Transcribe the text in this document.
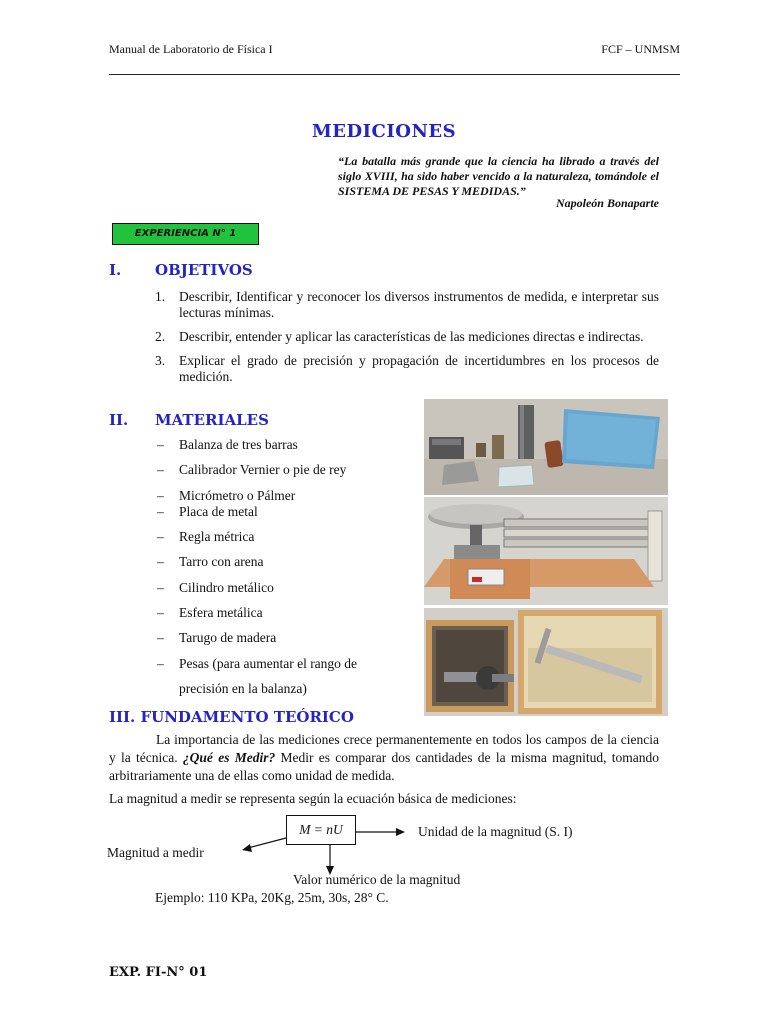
Manual de Laboratorio de Física I	FCF – UNMSM
MEDICIONES
“La batalla más grande que la ciencia ha librado a través del siglo XVIII, ha sido haber vencido a la naturaleza, tomándole el SISTEMA DE PESAS Y MEDIDAS.”
Napoleón Bonaparte
EXPERIENCIA N° 1
I. OBJETIVOS
1. Describir, Identificar y reconocer los diversos instrumentos de medida, e interpretar sus lecturas mínimas.
2. Describir, entender y aplicar las características de las mediciones directas e indirectas.
3. Explicar el grado de precisión y propagación de incertidumbres en los procesos de medición.
II. MATERIALES
– Balanza de tres barras
– Calibrador Vernier o pie de rey
– Micrómetro o Pálmer
– Placa de metal
– Regla métrica
– Tarro con arena
– Cilindro metálico
– Esfera metálica
– Tarugo de madera
– Pesas (para aumentar el rango de
precisión en la balanza)
III. FUNDAMENTO TEÓRICO
La importancia de las mediciones crece permanentemente en todos los campos de la ciencia y la técnica. ¿Qué es Medir? Medir es comparar dos cantidades de la misma magnitud, tomando arbitrariamente una de ellas como unidad de medida.
La magnitud a medir se representa según la ecuación básica de mediciones:
M = nU	Unidad de la magnitud (S. I)
Magnitud a medir
Valor numérico de la magnitud
Ejemplo: 110 KPa, 20Kg, 25m, 30s, 28° C.
EXP. FI-N° 01
